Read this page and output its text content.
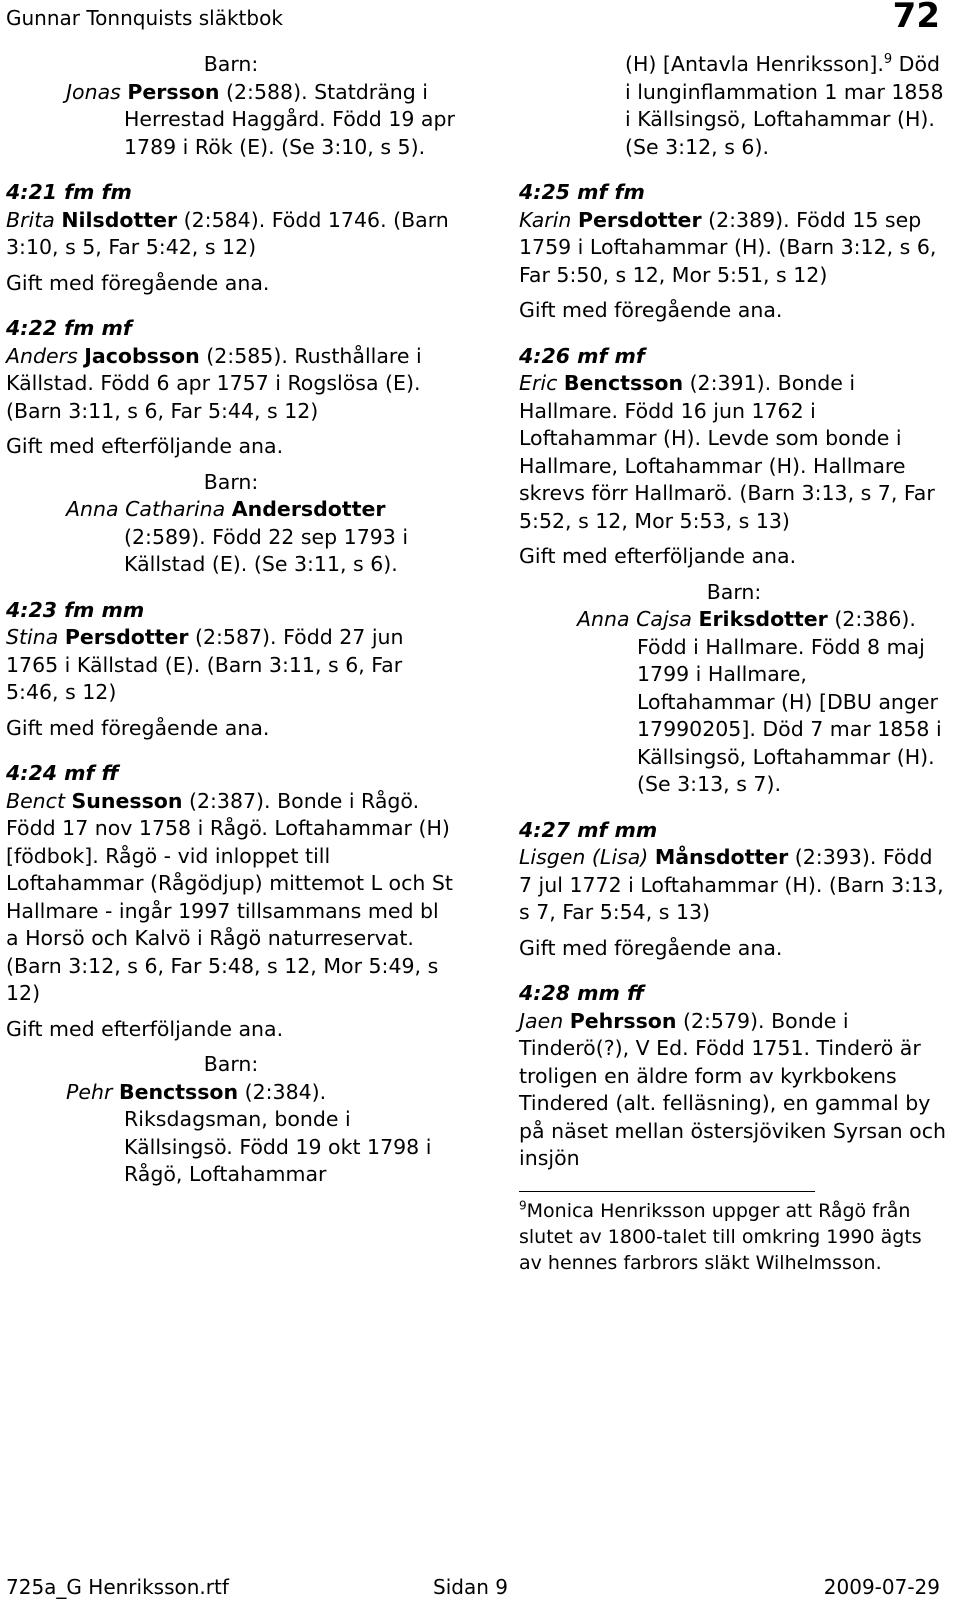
Gunnar Tonnquists släktbok	72

Barn:

Jonas Persson (2:588). Statdräng i Herrestad Haggård. Född 19 apr 1789 i Rök (E). (Se 3:10, s 5).

4:21 fm fm

Brita Nilsdotter (2:584). Född 1746. (Barn 3:10, s 5, Far 5:42, s 12)

Gift med föregående ana.

4:22 fm mf

Anders Jacobsson (2:585). Rusthållare i Källstad. Född 6 apr 1757 i Rogslösa (E). (Barn 3:11, s 6, Far 5:44, s 12)

Gift med efterföljande ana.

Barn:

Anna Catharina Andersdotter (2:589). Född 22 sep 1793 i Källstad (E). (Se 3:11, s 6).

4:23 fm mm

Stina Persdotter (2:587). Född 27 jun 1765 i Källstad (E). (Barn 3:11, s 6, Far 5:46, s 12)

Gift med föregående ana.

4:24 mf ff

Benct Sunesson (2:387). Bonde i Rågö. Född 17 nov 1758 i Rågö. Loftahammar (H) [födbok]. Rågö - vid inloppet till Loftahammar (Rågödjup) mittemot L och St Hallmare - ingår 1997 tillsammans med bl a Horsö och Kalvö i Rågö naturreservat. (Barn 3:12, s 6, Far 5:48, s 12, Mor 5:49, s 12)

Gift med efterföljande ana.

Barn:

Pehr Benctsson (2:384). Riksdagsman, bonde i Källsingsö. Född 19 okt 1798 i Rågö, Loftahammar

(H) [Antavla Henriksson].$^9$ Död i lunginflammation 1 mar 1858 i Källsingsö, Loftahammar (H). (Se 3:12, s 6).

4:25 mf fm

Karin Persdotter (2:389). Född 15 sep 1759 i Loftahammar (H). (Barn 3:12, s 6, Far 5:50, s 12, Mor 5:51, s 12)

Gift med föregående ana.

4:26 mf mf

Eric Benctsson (2:391). Bonde i Hallmare. Född 16 jun 1762 i Loftahammar (H). Levde som bonde i Hallmare, Loftahammar (H). Hallmare skrevs förr Hallmarö. (Barn 3:13, s 7, Far 5:52, s 12, Mor 5:53, s 13)

Gift med efterföljande ana.

Barn:

Anna Cajsa Eriksdotter (2:386). Född i Hallmare. Född 8 maj 1799 i Hallmare, Loftahammar (H) [DBU anger 17990205]. Död 7 mar 1858 i Källsingsö, Loftahammar (H). (Se 3:13, s 7).

4:27 mf mm

Lisgen (Lisa) Månsdotter (2:393). Född 7 jul 1772 i Loftahammar (H). (Barn 3:13, s 7, Far 5:54, s 13)

Gift med föregående ana.

4:28 mm ff

Jaen Pehrsson (2:579). Bonde i Tinderö(?), V Ed. Född 1751. Tinderö är troligen en äldre form av kyrkbokens Tindered (alt. felläsning), en gammal by på näset mellan östersjöviken Syrsan och insjön

$^9$Monica Henriksson uppger att Rågö från slutet av 1800-talet till omkring 1990 ägts av hennes farbrors släkt Wilhelmsson.

725a_G Henriksson.rtf	Sidan 9	2009-07-29
